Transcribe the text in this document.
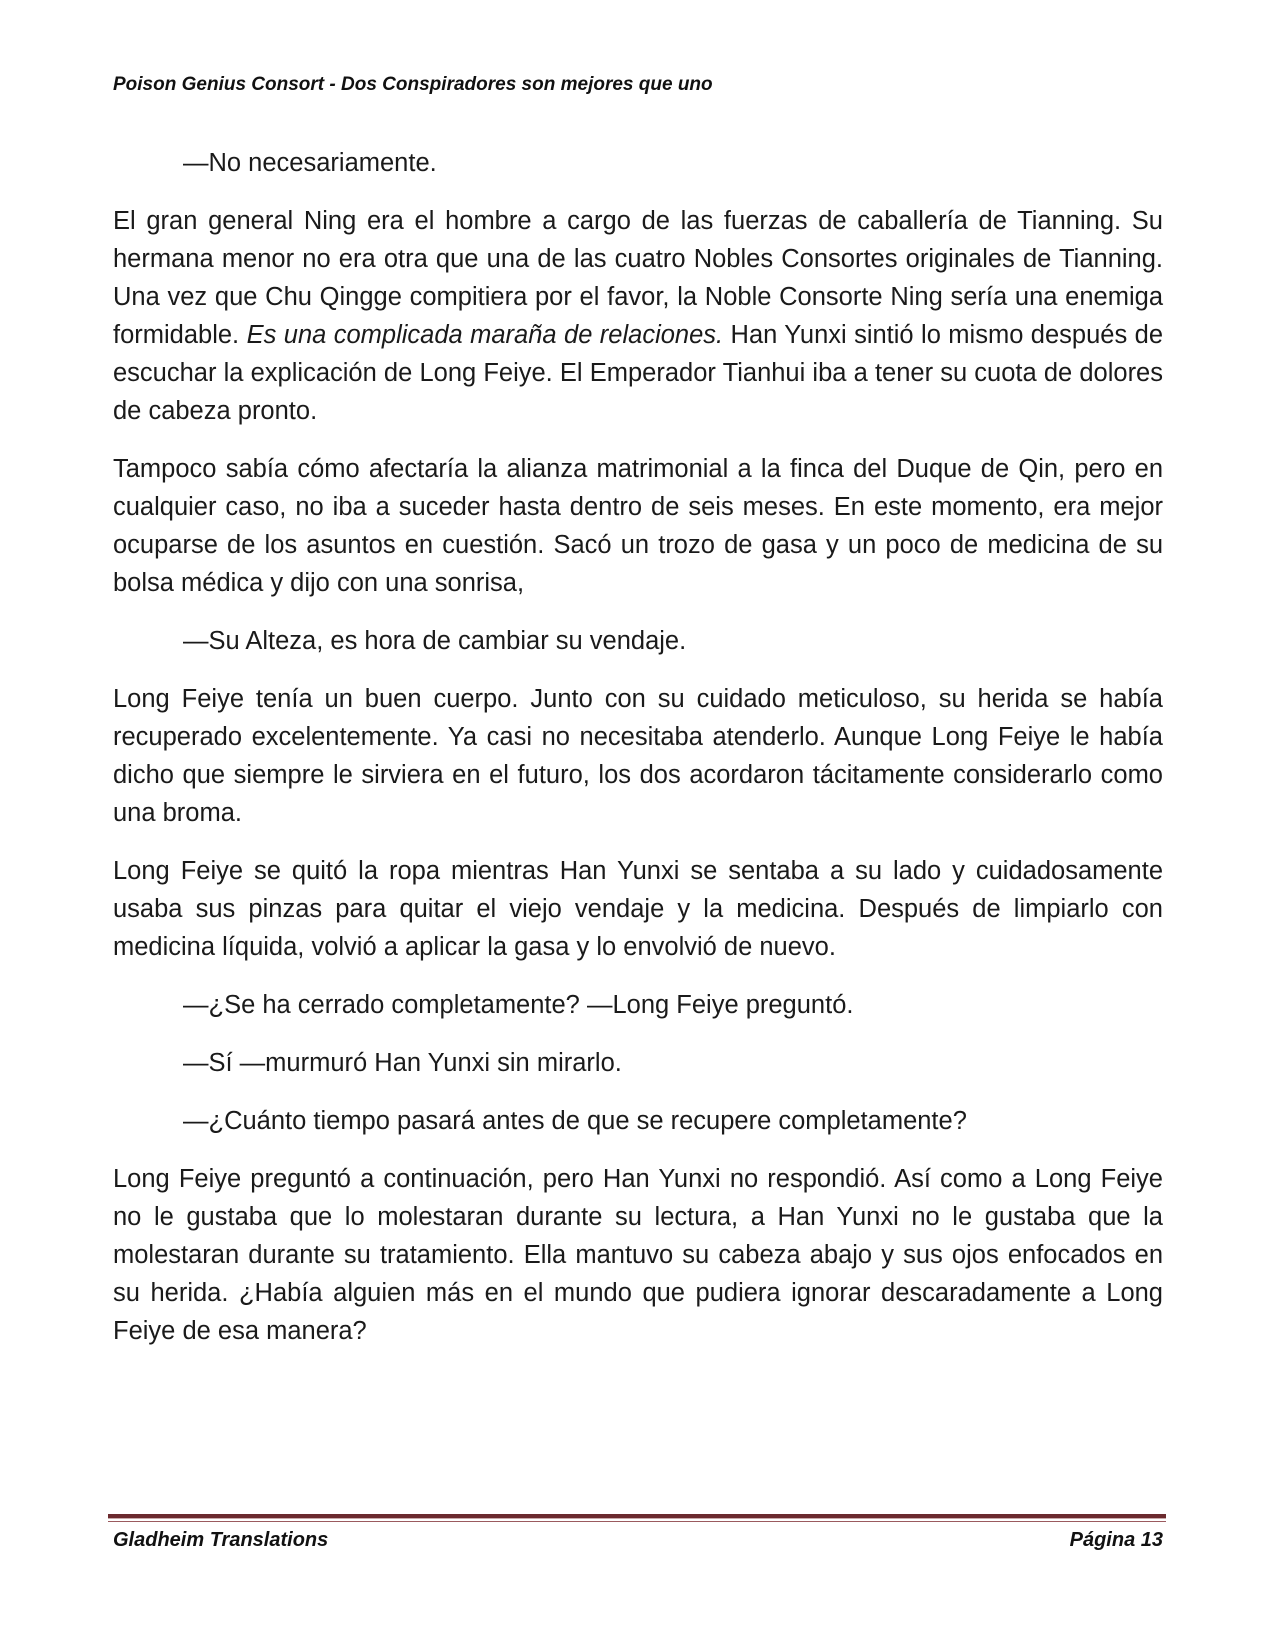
Poison Genius Consort - Dos Conspiradores son mejores que uno

—No necesariamente.

El gran general Ning era el hombre a cargo de las fuerzas de caballería de Tianning. Su hermana menor no era otra que una de las cuatro Nobles Consortes originales de Tianning. Una vez que Chu Qingge compitiera por el favor, la Noble Consorte Ning sería una enemiga formidable. Es una complicada maraña de relaciones. Han Yunxi sintió lo mismo después de escuchar la explicación de Long Feiye. El Emperador Tianhui iba a tener su cuota de dolores de cabeza pronto.

Tampoco sabía cómo afectaría la alianza matrimonial a la finca del Duque de Qin, pero en cualquier caso, no iba a suceder hasta dentro de seis meses. En este momento, era mejor ocuparse de los asuntos en cuestión. Sacó un trozo de gasa y un poco de medicina de su bolsa médica y dijo con una sonrisa,

—Su Alteza, es hora de cambiar su vendaje.

Long Feiye tenía un buen cuerpo. Junto con su cuidado meticuloso, su herida se había recuperado excelentemente. Ya casi no necesitaba atenderlo. Aunque Long Feiye le había dicho que siempre le sirviera en el futuro, los dos acordaron tácitamente considerarlo como una broma.

Long Feiye se quitó la ropa mientras Han Yunxi se sentaba a su lado y cuidadosamente usaba sus pinzas para quitar el viejo vendaje y la medicina. Después de limpiarlo con medicina líquida, volvió a aplicar la gasa y lo envolvió de nuevo.

—¿Se ha cerrado completamente? —Long Feiye preguntó.

—Sí —murmuró Han Yunxi sin mirarlo.

—¿Cuánto tiempo pasará antes de que se recupere completamente?

Long Feiye preguntó a continuación, pero Han Yunxi no respondió. Así como a Long Feiye no le gustaba que lo molestaran durante su lectura, a Han Yunxi no le gustaba que la molestaran durante su tratamiento. Ella mantuvo su cabeza abajo y sus ojos enfocados en su herida. ¿Había alguien más en el mundo que pudiera ignorar descaradamente a Long Feiye de esa manera?

Gladheim Translations	Página 13
